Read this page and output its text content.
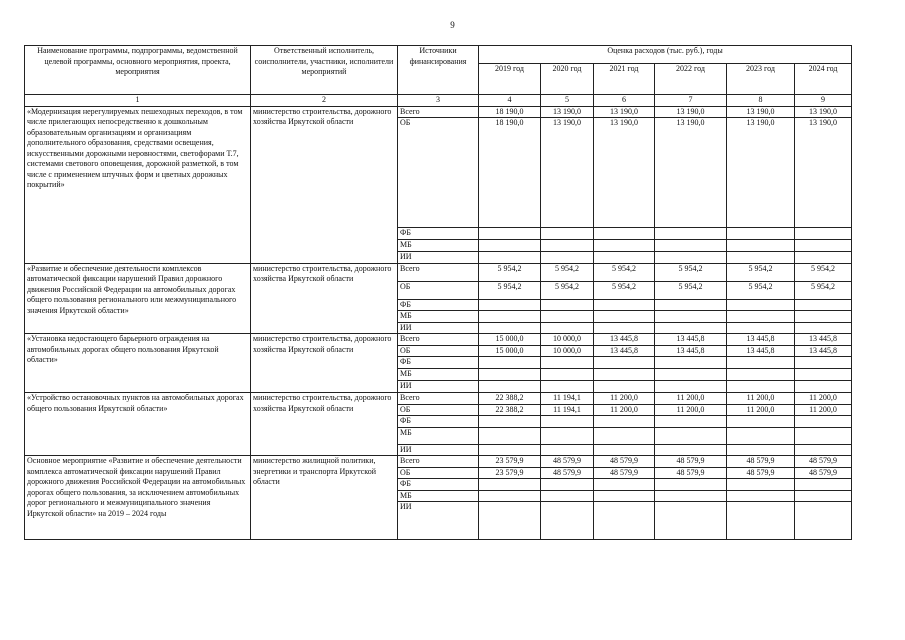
9
Наименование программы, подпрограммы, ведомственной целевой программы, основного мероприятия, проекта, мероприятия	Ответственный исполнитель, соисполнители, участники, исполнители мероприятий	Источники финансирования	Оценка расходов (тыс. руб.), годы					
			2019 год	2020 год	2021 год	2022 год	2023 год	2024 год
1	2	3	4	5	6	7	8	9
«Модернизация нерегулируемых пешеходных переходов, в том числе прилегающих непосредственно к дошкольным образовательным организациям и организациям дополнительного образования, средствами освещения, искусственными дорожными неровностями, светофорами Т.7, системами светового оповещения, дорожной разметкой, в том числе с применением штучных форм и цветных дорожных покрытий»	министерство строительства, дорожного хозяйства Иркутской области	Всего	18 190,0	13 190,0	13 190,0	13 190,0	13 190,0	13 190,0
		ОБ	18 190,0	13 190,0	13 190,0	13 190,0	13 190,0	13 190,0
		ФБ						
		МБ						
		ИИ						
«Развитие и обеспечение деятельности комплексов автоматической фиксации нарушений Правил дорожного движения Российской Федерации на автомобильных дорогах общего пользования регионального или межмуниципального значения Иркутской области»	министерство строительства, дорожного хозяйства Иркутской области	Всего	5 954,2	5 954,2	5 954,2	5 954,2	5 954,2	5 954,2
		ОБ	5 954,2	5 954,2	5 954,2	5 954,2	5 954,2	5 954,2
		ФБ						
		МБ						
		ИИ						
«Установка недостающего барьерного ограждения на автомобильных дорогах общего пользования Иркутской области»	министерство строительства, дорожного хозяйства Иркутской области	Всего	15 000,0	10 000,0	13 445,8	13 445,8	13 445,8	13 445,8
		ОБ	15 000,0	10 000,0	13 445,8	13 445,8	13 445,8	13 445,8
		ФБ						
		МБ						
		ИИ						
«Устройство остановочных пунктов на автомобильных дорогах общего пользования Иркутской области»	министерство строительства, дорожного хозяйства Иркутской области	Всего	22 388,2	11 194,1	11 200,0	11 200,0	11 200,0	11 200,0
		ОБ	22 388,2	11 194,1	11 200,0	11 200,0	11 200,0	11 200,0
		ФБ						
		МБ						
		ИИ						
Основное мероприятие «Развитие и обеспечение деятельности комплекса автоматической фиксации нарушений Правил дорожного движения Российской Федерации на автомобильных дорогах общего пользования, за исключением автомобильных дорог регионального и межмуниципального значения Иркутской области» на 2019 – 2024 годы	министерство жилищной политики, энергетики и транспорта Иркутской области	Всего	23 579,9	48 579,9	48 579,9	48 579,9	48 579,9	48 579,9
		ОБ	23 579,9	48 579,9	48 579,9	48 579,9	48 579,9	48 579,9
		ФБ						
		МБ						
		ИИ						
